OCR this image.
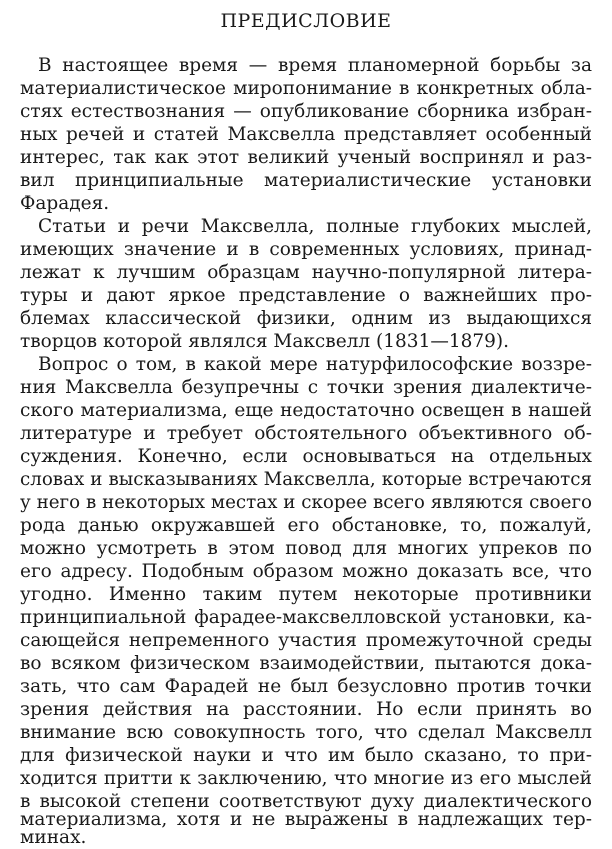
ПРЕДИСЛОВИЕ
В настоящее время — время планомерной борьбы за
материалистическое миропонимание в конкретных обла-
стях естествознания — опубликование сборника избран-
ных речей и статей Максвелла представляет особенный
интерес, так как этот великий ученый воспринял и раз-
вил принципиальные материалистические установки
Фарадея.
Статьи и речи Максвелла, полные глубоких мыслей,
имеющих значение и в современных условиях, принад-
лежат к лучшим образцам научно-популярной литера-
туры и дают яркое представление о важнейших про-
блемах классической физики, одним из выдающихся
творцов которой являлся Максвелл (1831—1879).
Вопрос о том, в какой мере натурфилософские воззре-
ния Максвелла безупречны с точки зрения диалектиче-
ского материализма, еще недостаточно освещен в нашей
литературе и требует обстоятельного объективного об-
суждения. Конечно, если основываться на отдельных
словах и высказываниях Максвелла, которые встречаются
у него в некоторых местах и скорее всего являются своего
рода данью окружавшей его обстановке, то, пожалуй,
можно усмотреть в этом повод для многих упреков по
его адресу. Подобным образом можно доказать все, что
угодно. Именно таким путем некоторые противники
принципиальной фарадее-максвелловской установки, ка-
сающейся непременного участия промежуточной среды
во всяком физическом взаимодействии, пытаются дока-
зать, что сам Фарадей не был безусловно против точки
зрения действия на расстоянии. Но если принять во
внимание всю совокупность того, что сделал Максвелл
для физической науки и что им было сказано, то при-
ходится притти к заключению, что многие из его мыслей
в высокой степени соответствуют духу диалектического
материализма, хотя и не выражены в надлежащих тер-
минах.
